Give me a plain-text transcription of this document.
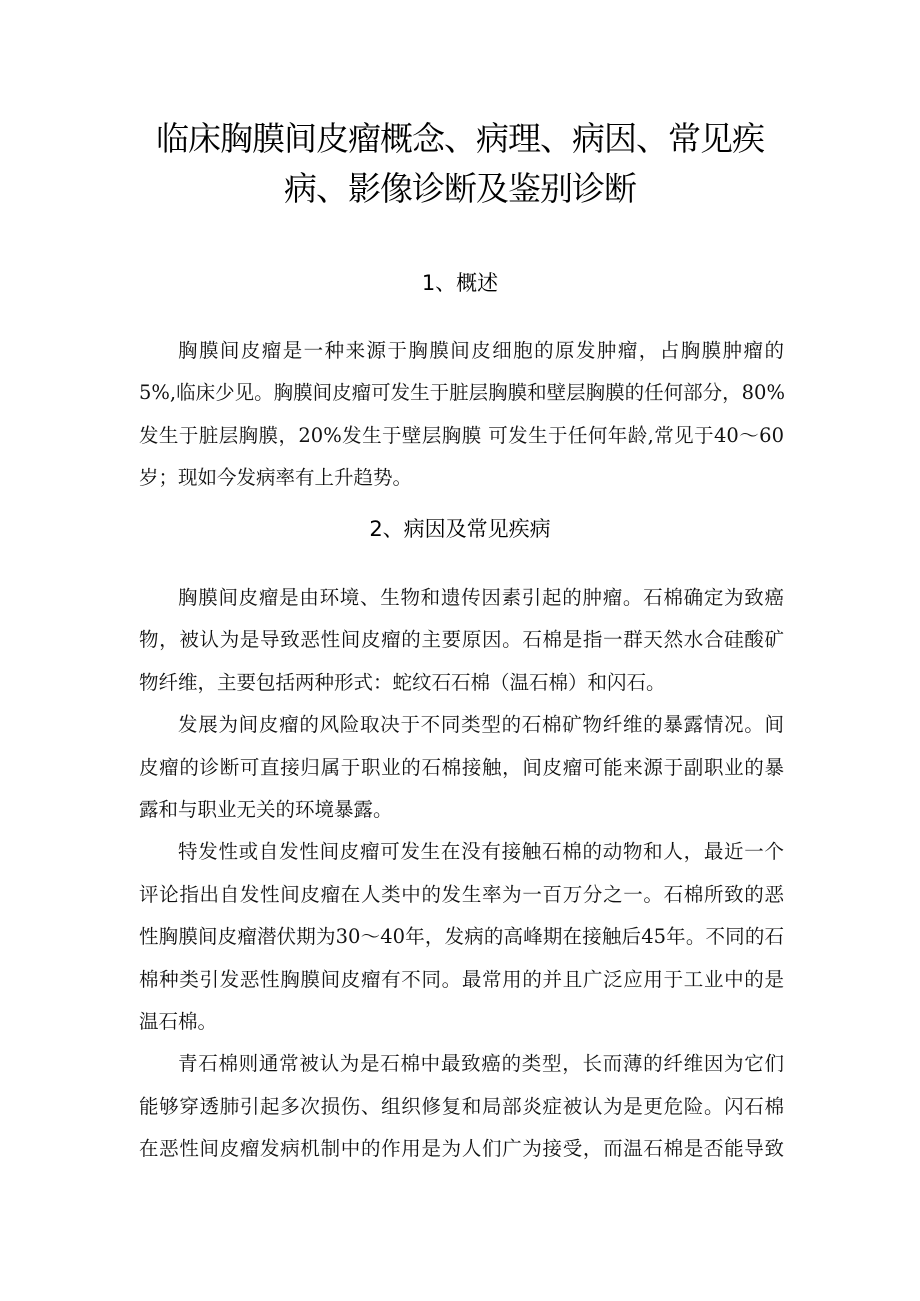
临床胸膜间皮瘤概念、病理、病因、常见疾
病、影像诊断及鉴别诊断
1、概述
胸膜间皮瘤是一种来源于胸膜间皮细胞的原发肿瘤，占胸膜肿瘤的
5%,临床少见。胸膜间皮瘤可发生于脏层胸膜和壁层胸膜的任何部分，80%
发生于脏层胸膜，20%发生于壁层胸膜 可发生于任何年龄,常见于40～60
岁；现如今发病率有上升趋势。
2、病因及常见疾病
胸膜间皮瘤是由环境、生物和遗传因素引起的肿瘤。石棉确定为致癌
物，被认为是导致恶性间皮瘤的主要原因。石棉是指一群天然水合硅酸矿
物纤维，主要包括两种形式：蛇纹石石棉（温石棉）和闪石。
发展为间皮瘤的风险取决于不同类型的石棉矿物纤维的暴露情况。间
皮瘤的诊断可直接归属于职业的石棉接触，间皮瘤可能来源于副职业的暴
露和与职业无关的环境暴露。
特发性或自发性间皮瘤可发生在没有接触石棉的动物和人，最近一个
评论指出自发性间皮瘤在人类中的发生率为一百万分之一。石棉所致的恶
性胸膜间皮瘤潜伏期为30～40年，发病的高峰期在接触后45年。不同的石
棉种类引发恶性胸膜间皮瘤有不同。最常用的并且广泛应用于工业中的是
温石棉。
青石棉则通常被认为是石棉中最致癌的类型，长而薄的纤维因为它们
能够穿透肺引起多次损伤、组织修复和局部炎症被认为是更危险。闪石棉
在恶性间皮瘤发病机制中的作用是为人们广为接受，而温石棉是否能导致
